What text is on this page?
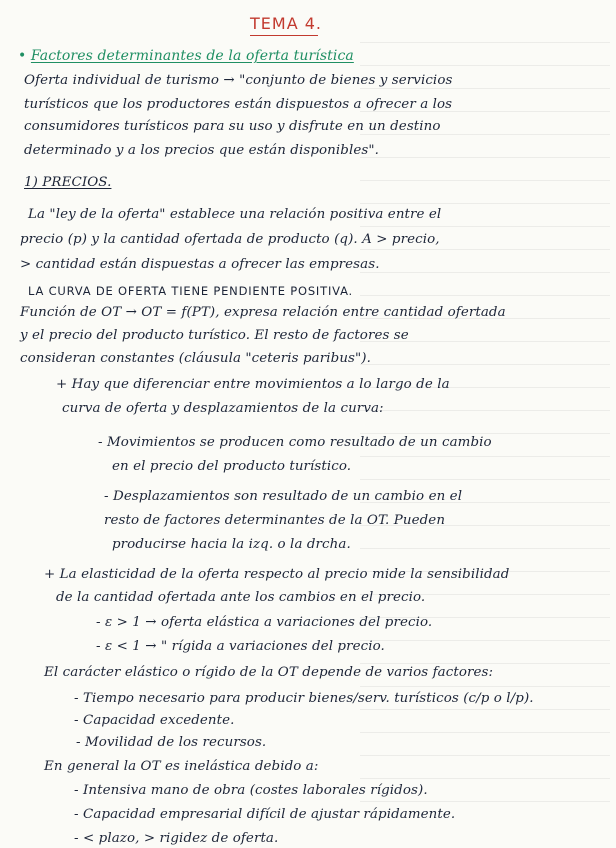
TEMA 4.
• Factores determinantes de la oferta turística
Oferta individual de turismo → "conjunto de bienes y servicios
turísticos que los productores están dispuestos a ofrecer a los
consumidores turísticos para su uso y disfrute en un destino
determinado y a los precios que están disponibles".
1) PRECIOS.
La "ley de la oferta" establece una relación positiva entre el
precio (p) y la cantidad ofertada de producto (q). A > precio,
> cantidad están dispuestas a ofrecer las empresas.
LA CURVA DE OFERTA TIENE PENDIENTE POSITIVA.
Función de OT → OT = f(PT), expresa relación entre cantidad ofertada
y el precio del producto turístico. El resto de factores se
consideran constantes (cláusula "ceteris paribus").
+ Hay que diferenciar entre movimientos a lo largo de la
curva de oferta y desplazamientos de la curva:
- Movimientos se producen como resultado de un cambio
en el precio del producto turístico.
- Desplazamientos son resultado de un cambio en el
resto de factores determinantes de la OT. Pueden
producirse hacia la izq. o la drcha.
+ La elasticidad de la oferta respecto al precio mide la sensibilidad
de la cantidad ofertada ante los cambios en el precio.
- ε > 1 → oferta elástica a variaciones del precio.
- ε < 1 → " rígida a variaciones del precio.
El carácter elástico o rígido de la OT depende de varios factores:
- Tiempo necesario para producir bienes/serv. turísticos (c/p o l/p).
- Capacidad excedente.
- Movilidad de los recursos.
En general la OT es inelástica debido a:
- Intensiva mano de obra (costes laborales rígidos).
- Capacidad empresarial difícil de ajustar rápidamente.
- < plazo, > rigidez de oferta.
